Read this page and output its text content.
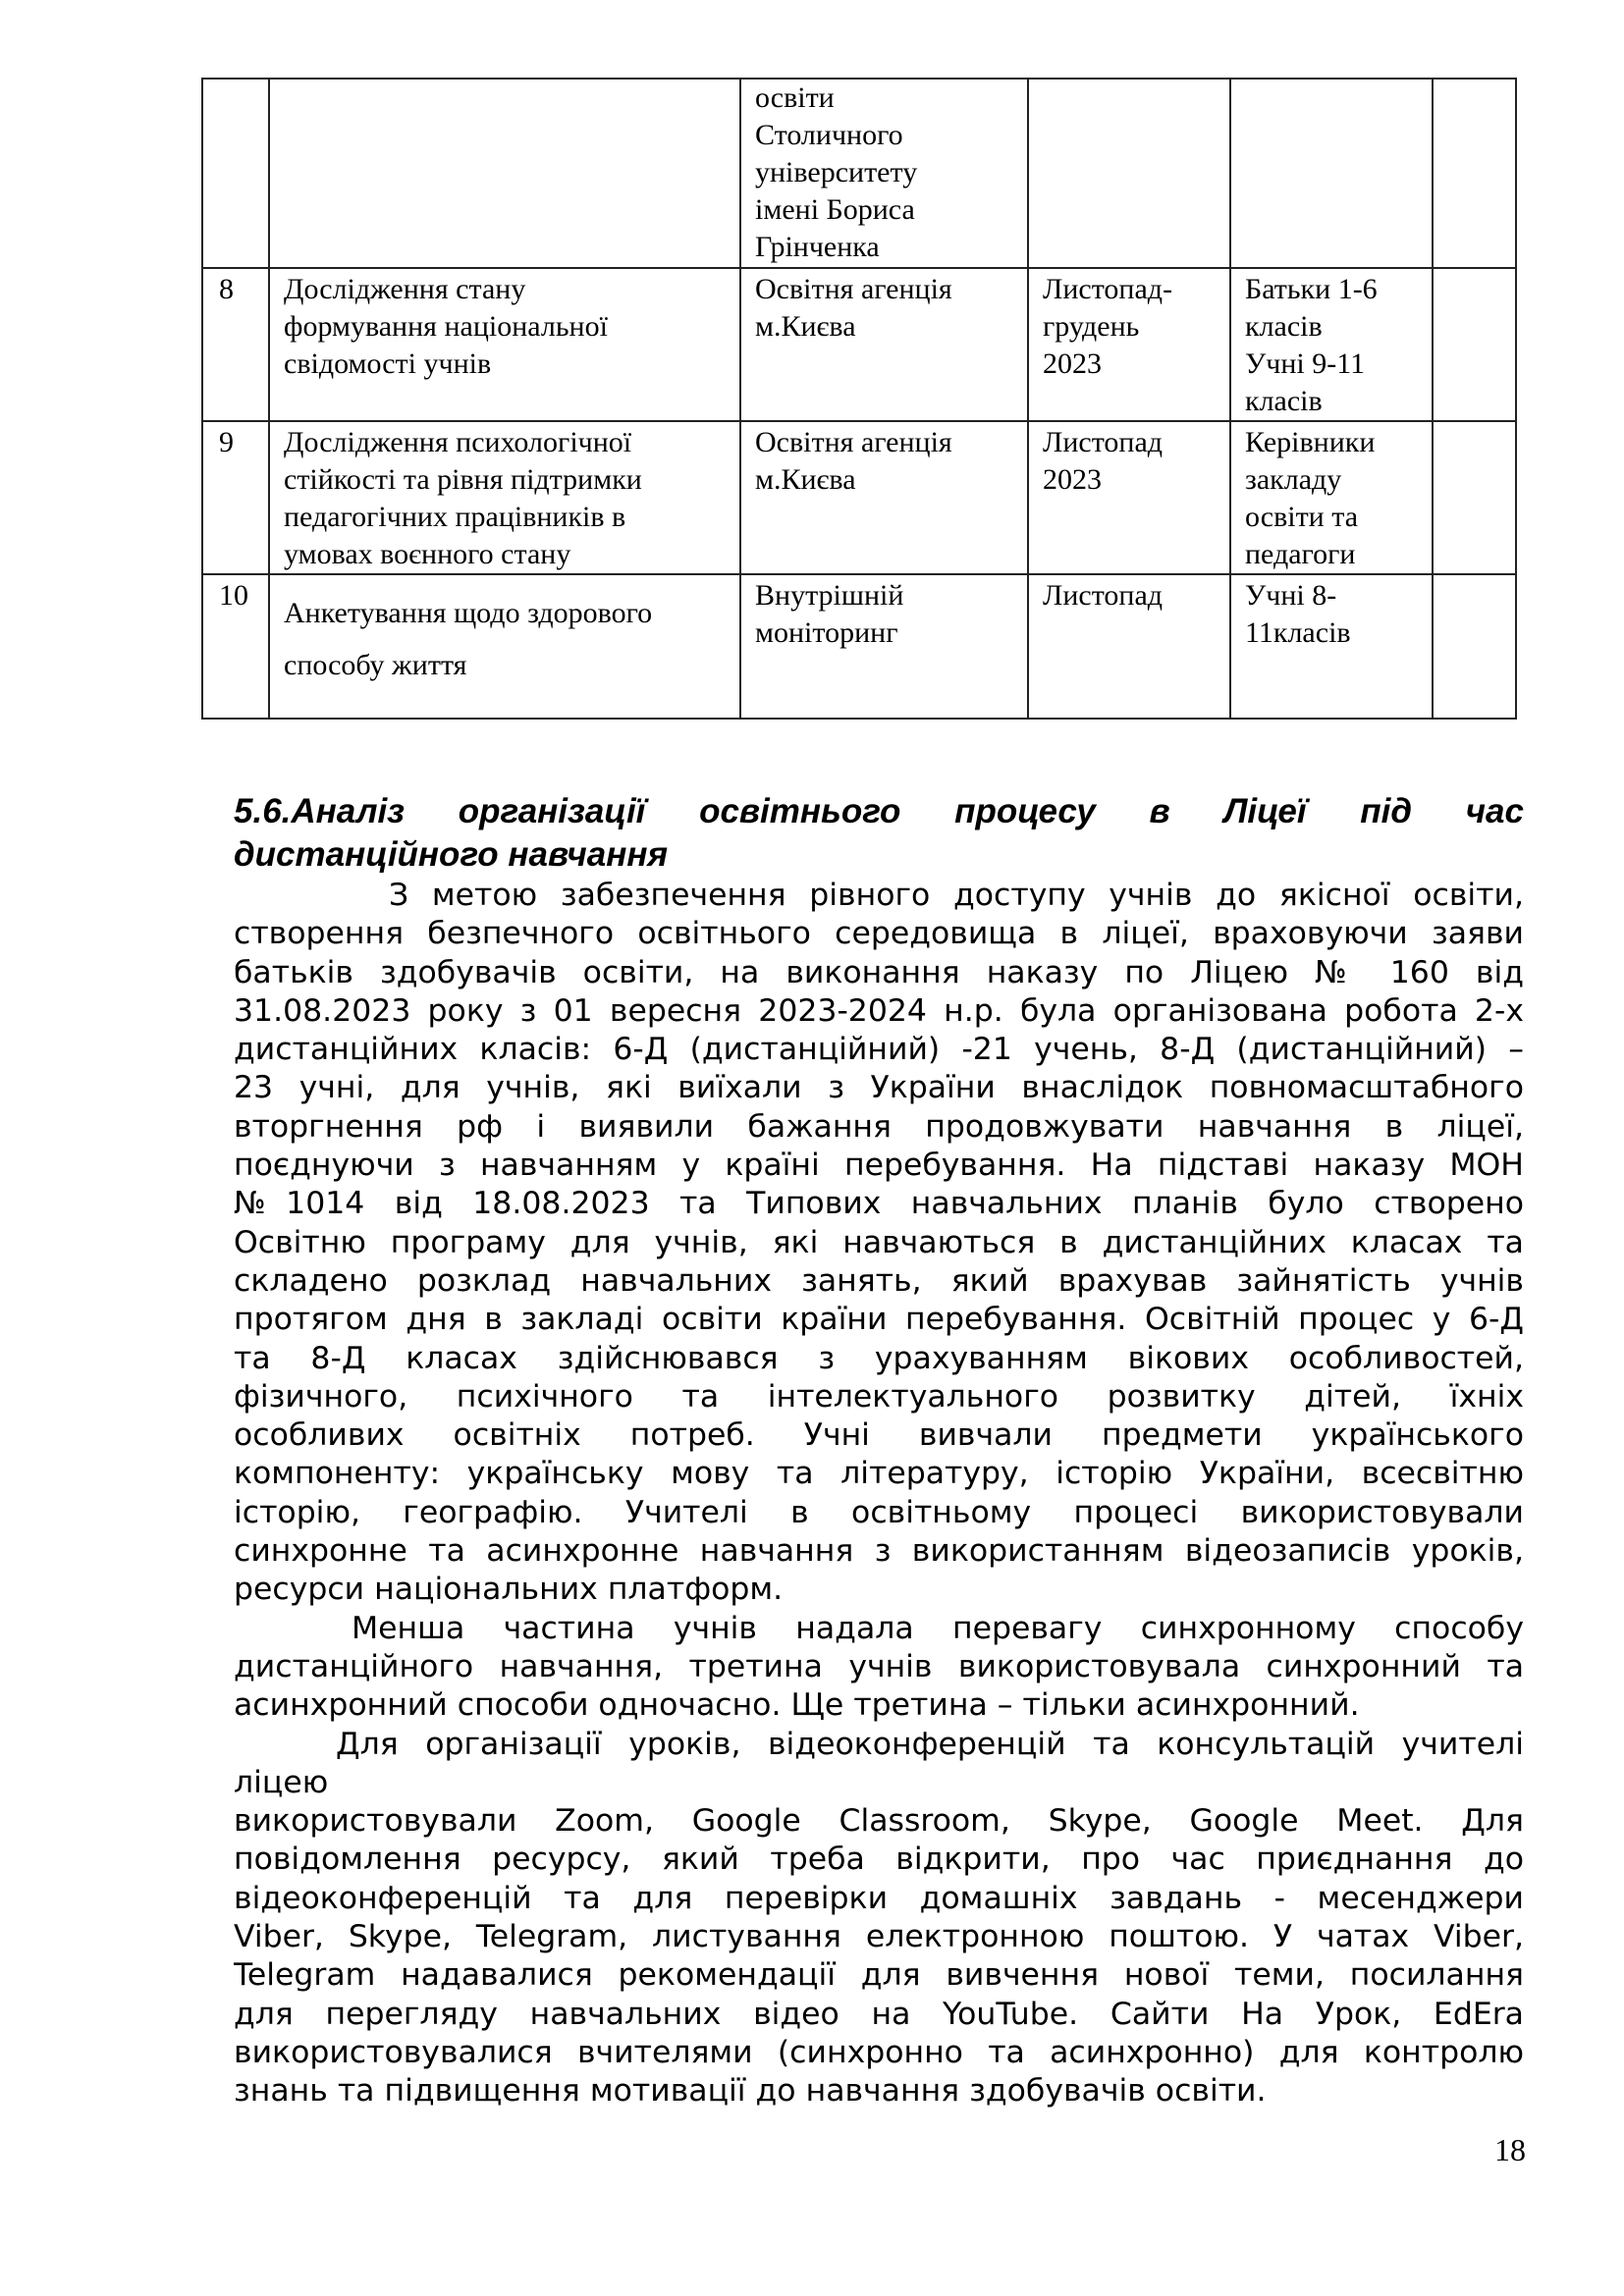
		освіти
Столичного
університету
імені Бориса
Грінченка			

8	Дослідження стану
формування національної
свідомості учнів	Освітня агенція
м.Києва	Листопад-
грудень
2023	Батьки 1-6
класів
Учні 9-11
класів	

9	Дослідження психологічної
стійкості та рівня підтримки
педагогічних працівників в
умовах воєнного стану	Освітня агенція
м.Києва	Листопад
2023	Керівники
закладу
освіти та
педагоги	

10	Анкетування щодо здорового
способу життя	Внутрішній
моніторинг	Листопад	Учні 8-
11класів	

5.6.Аналіз організації освітнього процесу в Ліцеї під час
дистанційного навчання
З метою забезпечення рівного доступу учнів до якісної освіти,
створення безпечного освітнього середовища в ліцеї, враховуючи заяви
батьків здобувачів освіти, на виконання наказу по Ліцею № 160 від
31.08.2023 року з 01 вересня 2023-2024 н.р. була організована робота 2-х
дистанційних класів: 6-Д (дистанційний) -21 учень, 8-Д (дистанційний) –
23 учні, для учнів, які виїхали з України внаслідок повномасштабного
вторгнення рф і виявили бажання продовжувати навчання в ліцеї,
поєднуючи з навчанням у країні перебування. На підставі наказу МОН
№1014 від 18.08.2023 та Типових навчальних планів було створено
Освітню програму для учнів, які навчаються в дистанційних класах та
складено розклад навчальних занять, який врахував зайнятість учнів
протягом дня в закладі освіти країни перебування. Освітній процес у 6-Д
та 8-Д класах здійснювався з урахуванням вікових особливостей,
фізичного, психічного та інтелектуального розвитку дітей, їхніх
особливих освітніх потреб. Учні вивчали предмети українського
компоненту: українську мову та літературу, історію України, всесвітню
історію, географію. Учителі в освітньому процесі використовували
синхронне та асинхронне навчання з використанням відеозаписів уроків,
ресурси національних платформ.
Менша частина учнів надала перевагу синхронному способу
дистанційного навчання, третина учнів використовувала синхронний та
асинхронний способи одночасно. Ще третина – тільки асинхронний.
Для організації уроків, відеоконференцій та консультацій учителі
ліцею
використовували Zoom, Google Classroom, Skype, Google Meet. Для
повідомлення ресурсу, який треба відкрити, про час приєднання до
відеоконференцій та для перевірки домашніх завдань - месенджери
Viber, Skype, Telegram, листування електронною поштою. У чатах Viber,
Telegram надавалися рекомендації для вивчення нової теми, посилання
для перегляду навчальних відео на YouTube. Сайти На Урок, EdEra
використовувалися вчителями (синхронно та асинхронно) для контролю
знань та підвищення мотивації до навчання здобувачів освіти.
18
